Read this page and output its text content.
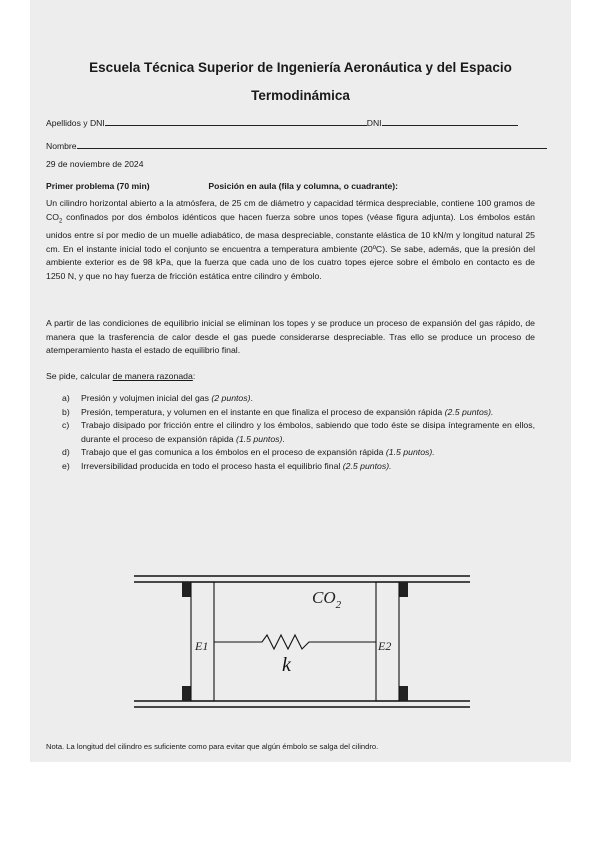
Escuela Técnica Superior de Ingeniería Aeronáutica y del Espacio
Termodinámica
Apellidos y DNI	DNI
Nombre
29 de noviembre de 2024
Primer problema (70 min)	Posición en aula (fila y columna, o cuadrante):
Un cilindro horizontal abierto a la atmósfera, de 25 cm de diámetro y capacidad térmica despreciable, contiene 100 gramos de $CO_2$ confinados por dos émbolos idénticos que hacen fuerza sobre unos topes (véase figura adjunta). Los émbolos están unidos entre sí por medio de un muelle adiabático, de masa despreciable, constante elástica de 10 kN/m y longitud natural 25 cm. En el instante inicial todo el conjunto se encuentra a temperatura ambiente (20ºC). Se sabe, además, que la presión del ambiente exterior es de 98 kPa, que la fuerza que cada uno de los cuatro topes ejerce sobre el émbolo en contacto es de 1250 N, y que no hay fuerza de fricción estática entre cilindro y émbolo.
A partir de las condiciones de equilibrio inicial se eliminan los topes y se produce un proceso de expansión del gas rápido, de manera que la trasferencia de calor desde el gas puede considerarse despreciable. Tras ello se produce un proceso de atemperamiento hasta el estado de equilibrio final.
Se pide, calcular de manera razonada:
a) Presión y volujmen inicial del gas (2 puntos).
b) Presión, temperatura, y volumen en el instante en que finaliza el proceso de expansión rápida (2.5 puntos).
c) Trabajo disipado por fricción entre el cilindro y los émbolos, sabiendo que todo éste se disipa íntegramente en ellos, durante el proceso de expansión rápida (1.5 puntos).
d) Trabajo que el gas comunica a los émbolos en el proceso de expansión rápida (1.5 puntos).
e) Irreversibilidad producida en todo el proceso hasta el equilibrio final (2.5 puntos).
E1	E2
k
$CO_2$
Nota. La longitud del cilindro es suficiente como para evitar que algún émbolo se salga del cilindro.
